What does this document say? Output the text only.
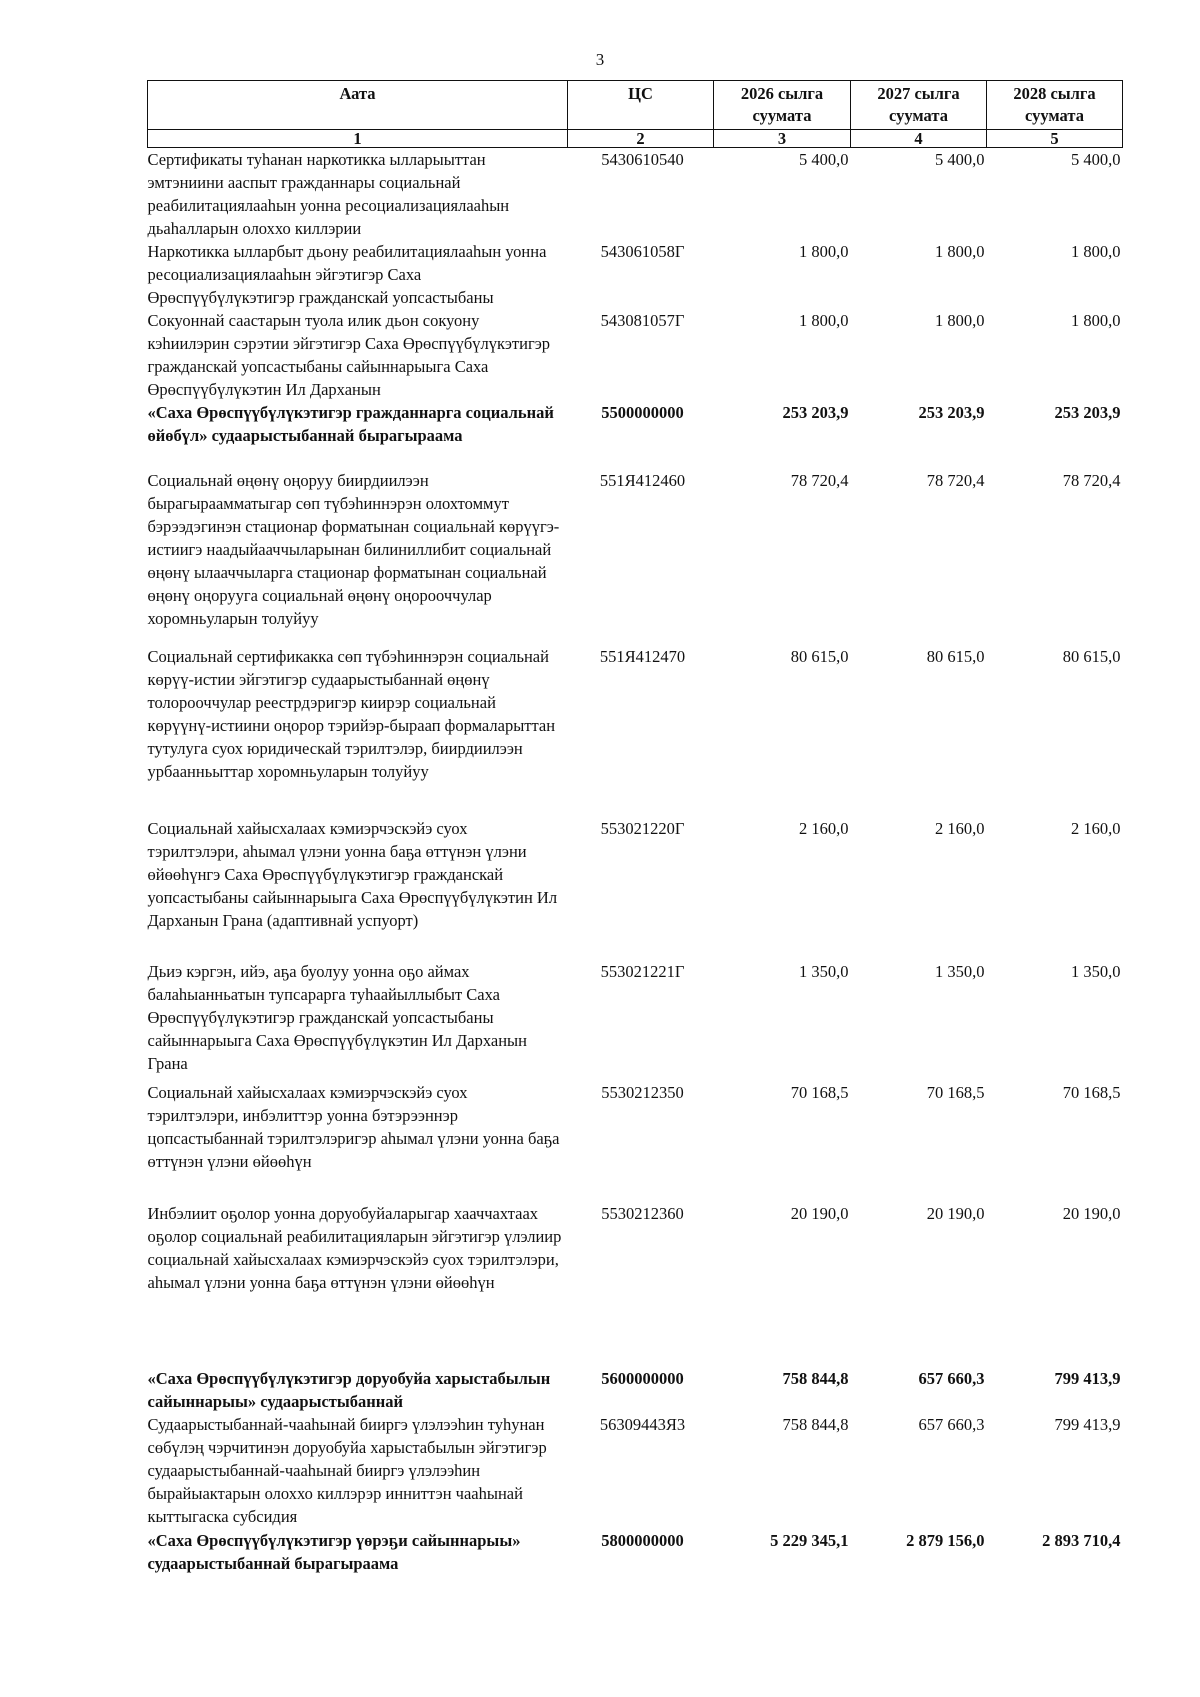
3
Аата	ЦС	2026 сылга суумата	2027 сылга суумата	2028 сылга суумата
1	2	3	4	5
Сертификаты туһанан наркотикка ылларыыттан эмтэниини ааспыт гражданнары социальнай реабилитациялааһын уонна ресоциализациялааһын дьаһалларын олоххо киллэрии	5430610540	5 400,0	5 400,0	5 400,0
Наркотикка ылларбыт дьону реабилитациялааһын уонна ресоциализациялааһын эйгэтигэр Саха Өрөспүүбүлүкэтигэр гражданскай уопсастыбаны	543061058Г	1 800,0	1 800,0	1 800,0
Сокуоннай саастарын туола илик дьон сокуону кэһиилэрин сэрэтии эйгэтигэр Саха Өрөспүүбүлүкэтигэр гражданскай уопсастыбаны сайыннарыыга Саха Өрөспүүбүлүкэтин Ил Дарханын	543081057Г	1 800,0	1 800,0	1 800,0
«Саха Өрөспүүбүлүкэтигэр гражданнарга социальнай өйөбүл» судаарыстыбаннай бырагыраама	5500000000	253 203,9	253 203,9	253 203,9
Социальнай өңөнү оңоруу биирдиилээн бырагыраамматыгар сөп түбэһиннэрэн олохтоммут бэрээдэгинэн стационар форматынан социальнай көрүүгэ-истиигэ наадыйааччыларынан билиниллибит социальнай өңөнү ылааччыларга стационар форматынан социальнай өңөнү оңоруугa социальнай өңөнү оңорооччулар хоромньуларын толуйуу	551Я412460	78 720,4	78 720,4	78 720,4
Социальнай сертификакка сөп түбэһиннэрэн социальнай көрүү-истии эйгэтигэр судаарыстыбаннай өңөнү толорооччулар реестрдэригэр киирэр социальнай көрүүнү-истиини оңорор тэрийэр-быраап формаларыттан тутулуга суох юридическай тэрилтэлэр, биирдиилээн урбаанньыттар хоромньуларын толуйуу	551Я412470	80 615,0	80 615,0	80 615,0
Социальнай хайысхалаах кэмиэрчэскэйэ суох тэрилтэлэри, аһымал үлэни уонна баҕа өттүнэн үлэни өйөөһүнгэ Саха Өрөспүүбүлүкэтигэр гражданскай уопсастыбаны сайыннарыыга Саха Өрөспүүбүлүкэтин Ил Дарханын Грана (адаптивнай успуорт)	553021220Г	2 160,0	2 160,0	2 160,0
Дьиэ кэргэн, ийэ, аҕа буолуу уонна оҕо аймах балаһыанньатын тупсарарга туһаайыллыбыт Саха Өрөспүүбүлүкэтигэр гражданскай уопсастыбаны сайыннарыыга Саха Өрөспүүбүлүкэтин Ил Дарханын Грана	553021221Г	1 350,0	1 350,0	1 350,0
Социальнай хайысхалаах кэмиэрчэскэйэ суох тэрилтэлэри, инбэлиттэр уонна бэтэрээннэр цопсастыбаннай тэрилтэлэригэр аһымал үлэни уонна баҕа өттүнэн үлэни өйөөһүн	5530212350	70 168,5	70 168,5	70 168,5
Инбэлиит оҕолор уонна доруобуйаларыгар хааччахтаах оҕолор социальнай реабилитацияларын эйгэтигэр үлэлиир социальнай хайысхалаах кэмиэрчэскэйэ суох тэрилтэлэри, аһымал үлэни уонна баҕа өттүнэн үлэни өйөөһүн	5530212360	20 190,0	20 190,0	20 190,0
«Саха Өрөспүүбүлүкэтигэр доруобуйа харыстабылын сайыннарыы» судаарыстыбаннай	5600000000	758 844,8	657 660,3	799 413,9
Судаарыстыбаннай-чааһынай бииргэ үлэлээһин туһунан сөбүлэң чэрчитинэн доруобуйа харыстабылын эйгэтигэр судаарыстыбаннай-чааһынай бииргэ үлэлээһин бырайыактарын олоххо киллэрэр инниттэн чааһынай кыттыгаска субсидия	56309443Я3	758 844,8	657 660,3	799 413,9
«Саха Өрөспүүбүлүкэтигэр үөрэҕи сайыннарыы» судаарыстыбаннай бырагыраама	5800000000	5 229 345,1	2 879 156,0	2 893 710,4
